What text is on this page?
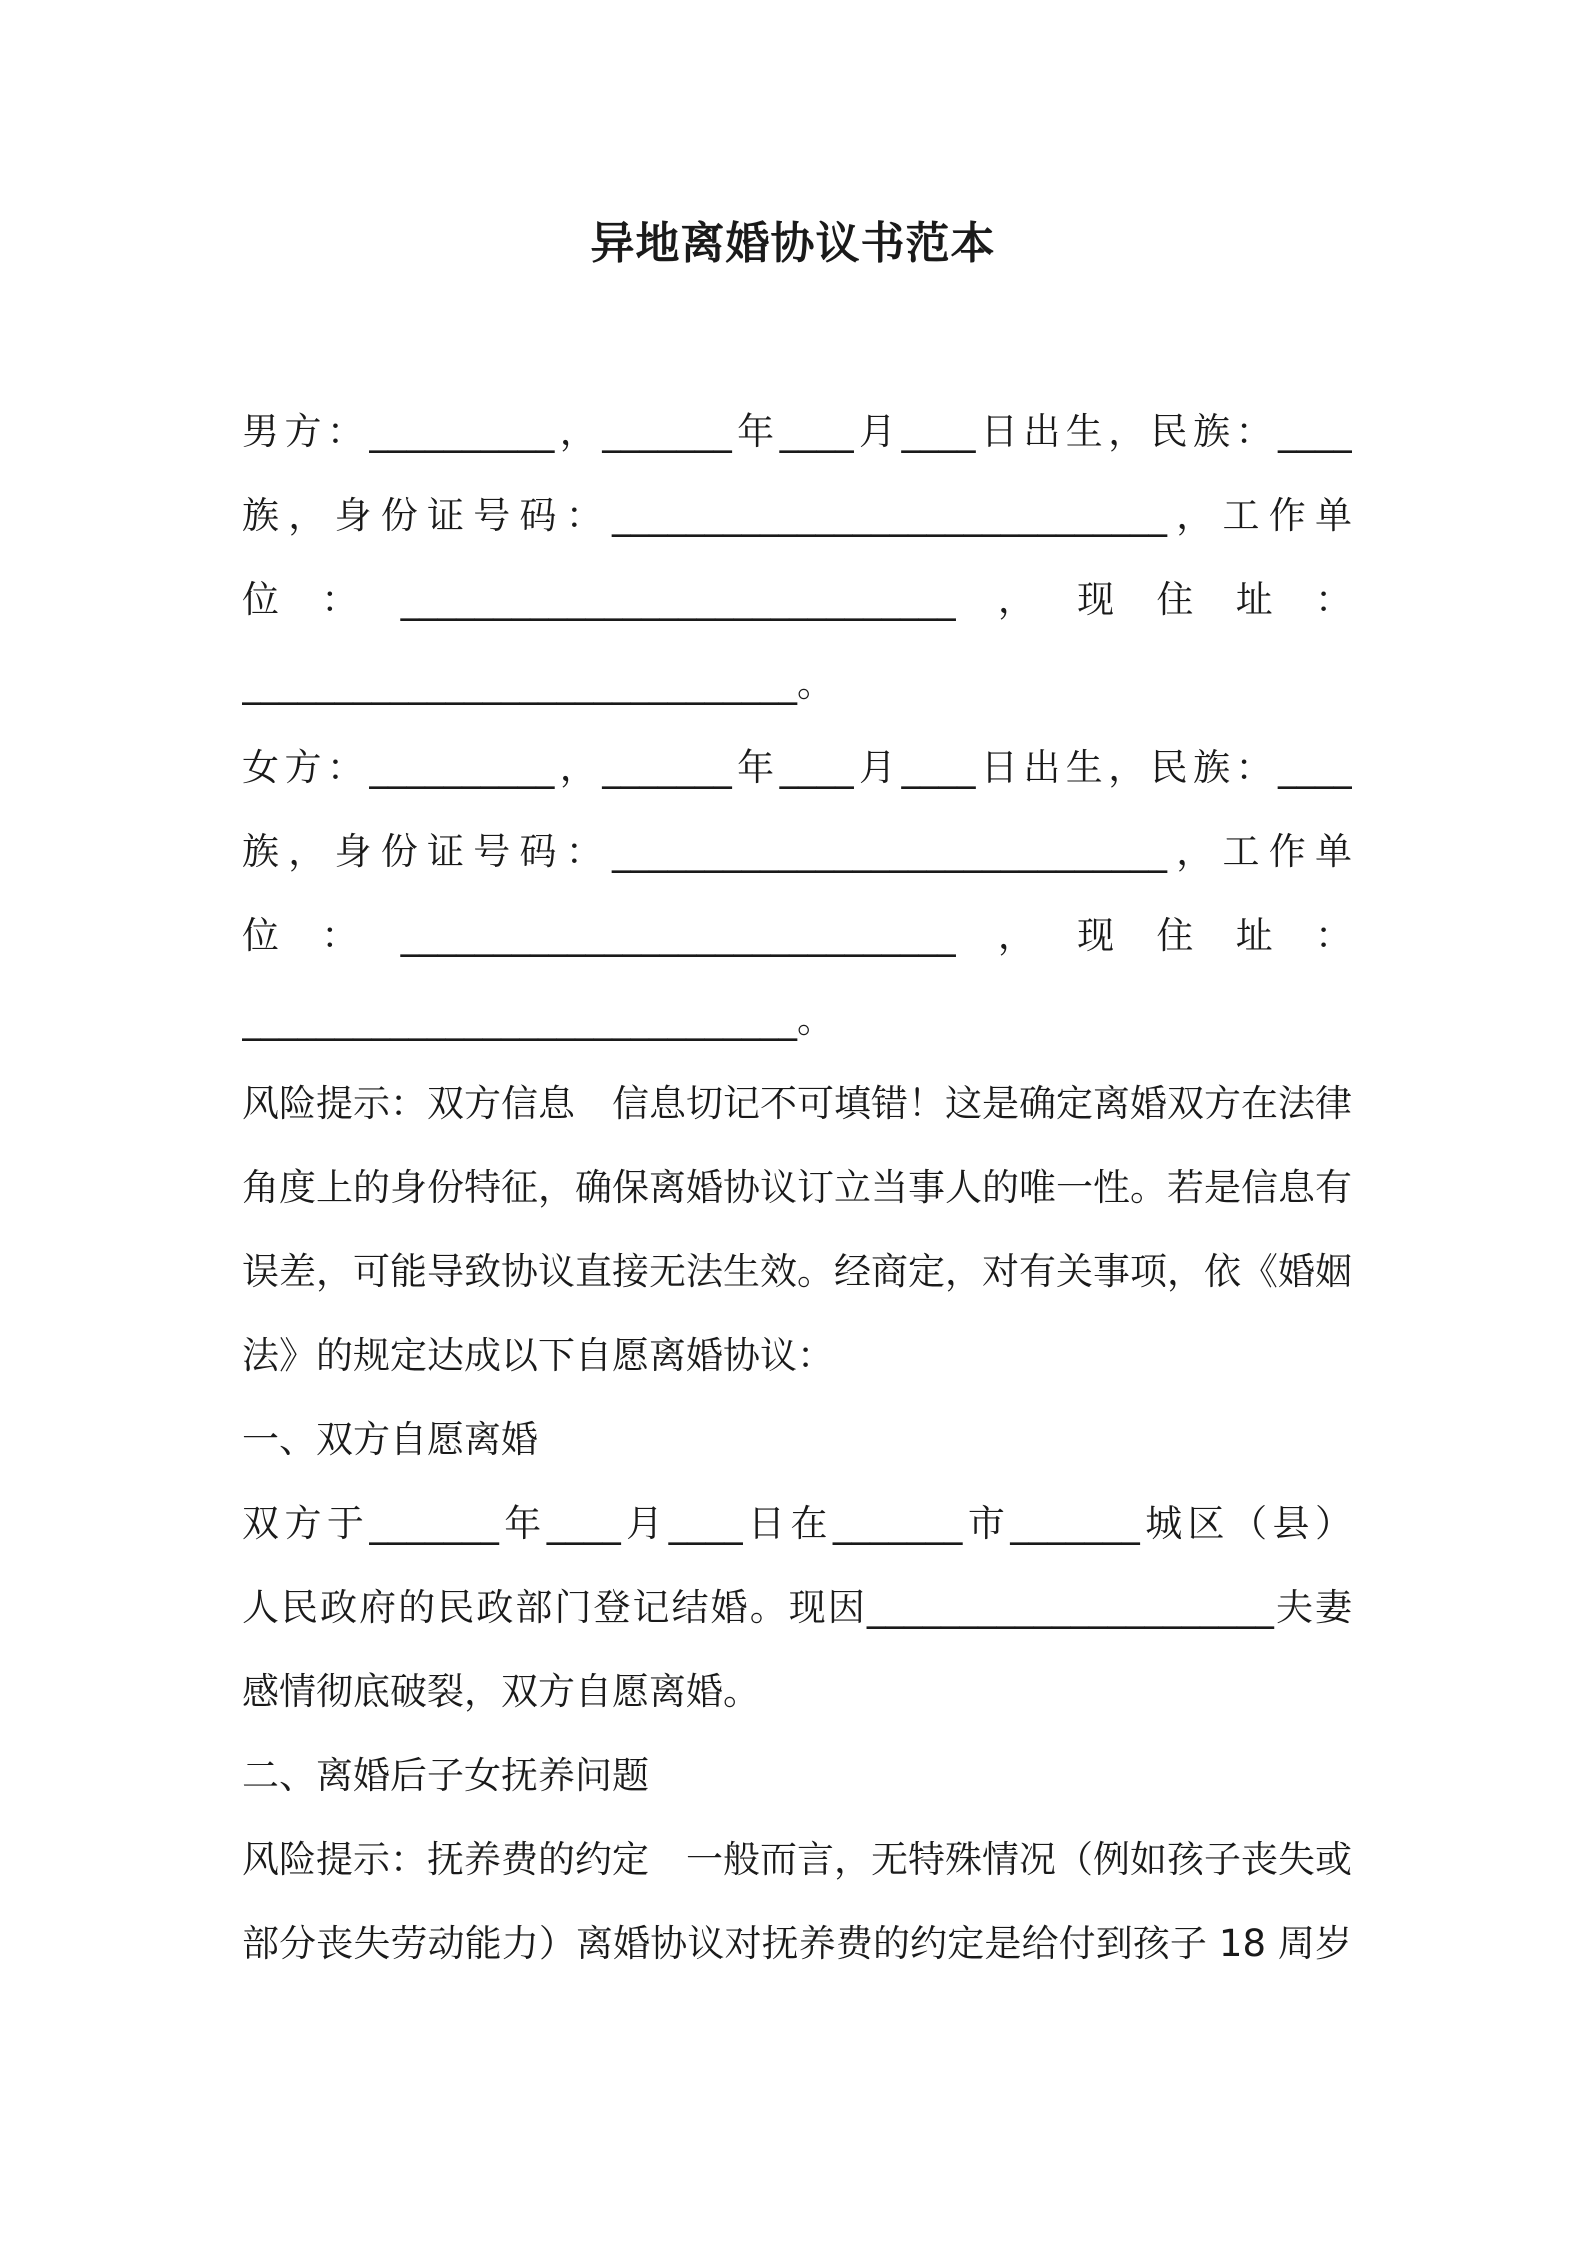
异地离婚协议书范本
男方：__________，_______年____月____日出生，民族：____
族，身份证号码：______________________________，工作单
位：______________________________，现住址：
______________________________。
女方：__________，_______年____月____日出生，民族：____
族，身份证号码：______________________________，工作单
位：______________________________，现住址：
______________________________。
风险提示：双方信息　信息切记不可填错！这是确定离婚双方在法律
角度上的身份特征，确保离婚协议订立当事人的唯一性。若是信息有
误差，可能导致协议直接无法生效。经商定，对有关事项，依《婚姻
法》的规定达成以下自愿离婚协议：
一、双方自愿离婚
双方于_______年____月____日在_______市_______城区（县）
人民政府的民政部门登记结婚。现因______________________夫妻
感情彻底破裂，双方自愿离婚。
二、离婚后子女抚养问题
风险提示：抚养费的约定　一般而言，无特殊情况（例如孩子丧失或
部分丧失劳动能力）离婚协议对抚养费的约定是给付到孩子 18 周岁
